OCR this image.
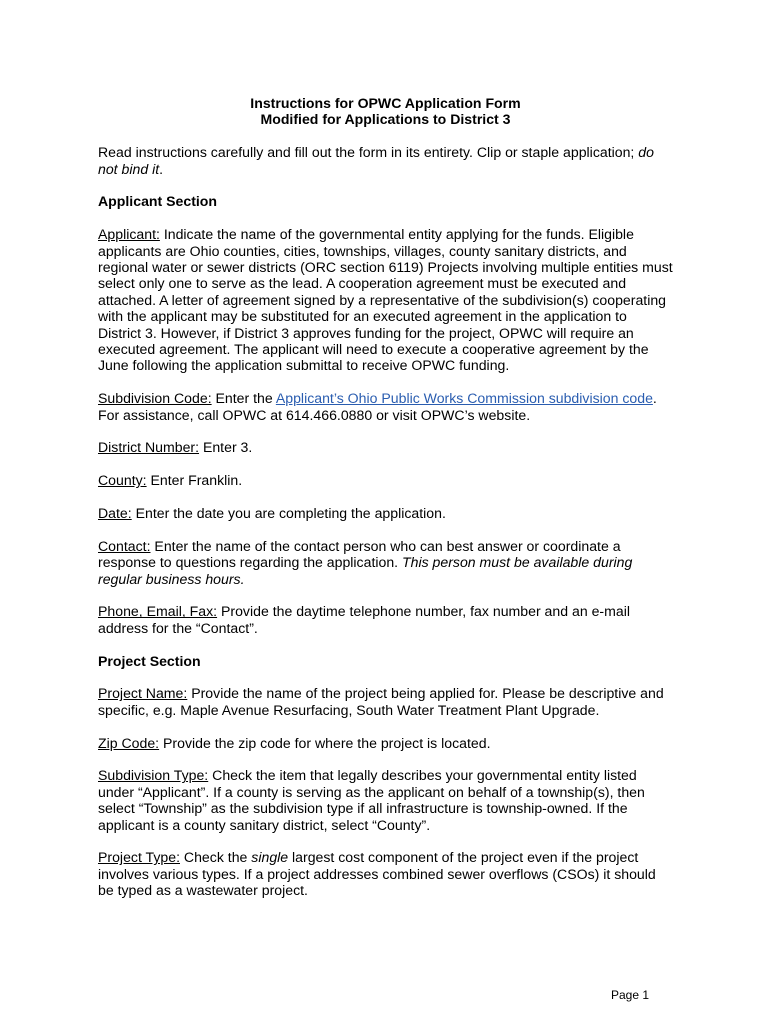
Instructions for OPWC Application Form
Modified for Applications to District 3

Read instructions carefully and fill out the form in its entirety. Clip or staple application; do not bind it.

Applicant Section

Applicant: Indicate the name of the governmental entity applying for the funds. Eligible applicants are Ohio counties, cities, townships, villages, county sanitary districts, and regional water or sewer districts (ORC section 6119) Projects involving multiple entities must select only one to serve as the lead. A cooperation agreement must be executed and attached. A letter of agreement signed by a representative of the subdivision(s) cooperating with the applicant may be substituted for an executed agreement in the application to District 3. However, if District 3 approves funding for the project, OPWC will require an executed agreement. The applicant will need to execute a cooperative agreement by the June following the application submittal to receive OPWC funding.

Subdivision Code: Enter the Applicant’s Ohio Public Works Commission subdivision code. For assistance, call OPWC at 614.466.0880 or visit OPWC’s website.

District Number: Enter 3.

County: Enter Franklin.

Date: Enter the date you are completing the application.

Contact: Enter the name of the contact person who can best answer or coordinate a response to questions regarding the application. This person must be available during regular business hours.

Phone, Email, Fax: Provide the daytime telephone number, fax number and an e-mail address for the “Contact”.

Project Section

Project Name: Provide the name of the project being applied for. Please be descriptive and specific, e.g. Maple Avenue Resurfacing, South Water Treatment Plant Upgrade.

Zip Code: Provide the zip code for where the project is located.

Subdivision Type: Check the item that legally describes your governmental entity listed under “Applicant”. If a county is serving as the applicant on behalf of a township(s), then select “Township” as the subdivision type if all infrastructure is township-owned. If the applicant is a county sanitary district, select “County”.

Project Type: Check the single largest cost component of the project even if the project involves various types. If a project addresses combined sewer overflows (CSOs) it should be typed as a wastewater project.

Page 1
